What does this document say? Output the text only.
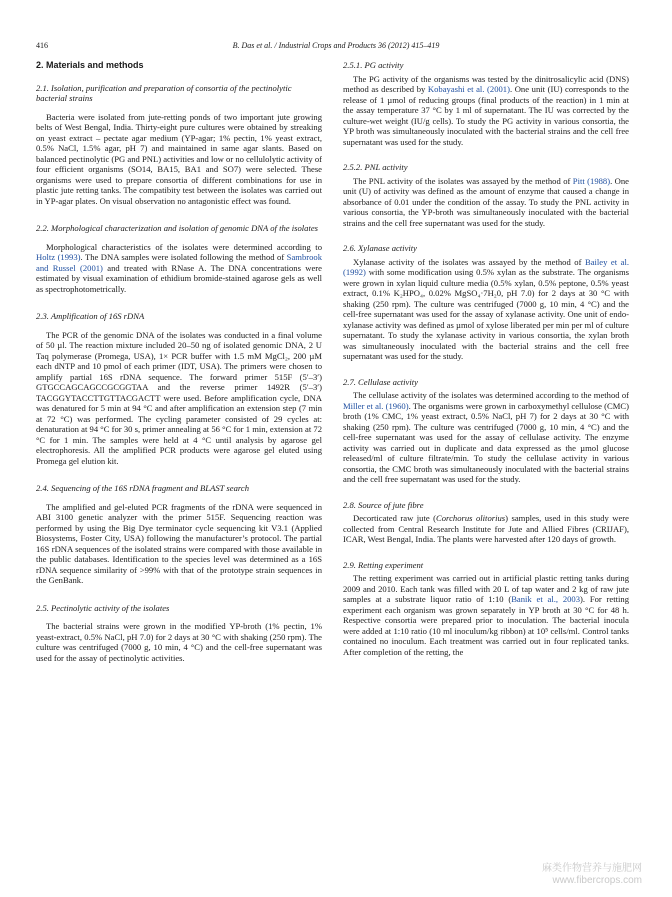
416	B. Das et al. / Industrial Crops and Products 36 (2012) 415–419
2. Materials and methods
2.1. Isolation, purification and preparation of consortia of the pectinolytic bacterial strains

Bacteria were isolated from jute-retting ponds of two important jute growing belts of West Bengal, India. Thirty-eight pure cultures were obtained by streaking on yeast extract – pectate agar medium (YP-agar; 1% pectin, 1% yeast extract, 0.5% NaCl, 1.5% agar, pH 7) and maintained in same agar slants. Based on balanced pectinolytic (PG and PNL) activities and low or no cellulolytic activity of four efficient organisms (SO14, BA15, BA1 and SO7) were selected. These organisms were used to prepare consortia of different combinations for use in plastic jute retting tanks. The compatibity test between the isolates was carried out in YP-agar plates. On visual observation no antagonistic effect was found.

2.2. Morphological characterization and isolation of genomic DNA of the isolates

Morphological characteristics of the isolates were determined according to Holtz (1993). The DNA samples were isolated following the method of Sambrook and Russel (2001) and treated with RNase A. The DNA concentrations were estimated by visual examination of ethidium bromide-stained agarose gels as well as spectrophotometrically.

2.3. Amplification of 16S rDNA

The PCR of the genomic DNA of the isolates was conducted in a final volume of 50 µl. The reaction mixture included 20–50 ng of isolated genomic DNA, 2 U Taq polymerase (Promega, USA), 1× PCR buffer with 1.5 mM MgCl₂, 200 µM each dNTP and 10 pmol of each primer (IDT, USA). The primers were chosen to amplify partial 16S rDNA sequence. The forward primer 515F (5′–3′) GTGCCAGCAGCCGCGGTAA and the reverse primer 1492R (5′–3′) TACGGYTACCTTGTTACGACTT were used. Before amplification cycle, DNA was denatured for 5 min at 94 °C and after amplification an extension step (7 min at 72 °C) was performed. The cycling parameter consisted of 29 cycles at: denaturation at 94 °C for 30 s, primer annealing at 56 °C for 1 min, extension at 72 °C for 1 min. The samples were held at 4 °C until analysis by agarose gel electrophoresis. All the amplified PCR products were agarose gel eluted using Promega gel elution kit.

2.4. Sequencing of the 16S rDNA fragment and BLAST search

The amplified and gel-eluted PCR fragments of the rDNA were sequenced in ABI 3100 genetic analyzer with the primer 515F. Sequencing reaction was performed by using the Big Dye terminator cycle sequencing kit V3.1 (Applied Biosystems, Foster City, USA) following the manufacturer’s protocol. The partial 16S rDNA sequences of the isolated strains were compared with those available in the public databases. Identification to the species level was determined as a 16S rDNA sequence similarity of >99% with that of the prototype strain sequences in the GenBank.

2.5. Pectinolytic activity of the isolates

The bacterial strains were grown in the modified YP-broth (1% pectin, 1% yeast-extract, 0.5% NaCl, pH 7.0) for 2 days at 30 °C with shaking (250 rpm). The culture was centrifuged (7000 g, 10 min, 4 °C) and the cell-free supernatant was used for the assay of pectinolytic activities.

2.5.1. PG activity

The PG activity of the organisms was tested by the dinitrosalicylic acid (DNS) method as described by Kobayashi et al. (2001). One unit (IU) corresponds to the release of 1 µmol of reducing groups (final products of the reaction) in 1 min at the assay temperature 37 °C by 1 ml of supernatant. The IU was corrected by the culture-wet weight (IU/g cells). To study the PG activity in various consortia, the YP broth was simultaneously inoculated with the bacterial strains and the cell free supernatant was used for the study.

2.5.2. PNL activity

The PNL activity of the isolates was assayed by the method of Pitt (1988). One unit (U) of activity was defined as the amount of enzyme that caused a change in absorbance of 0.01 under the condition of the assay. To study the PNL activity in various consortia, the YP-broth was simultaneously inoculated with the bacterial strains and the cell free supernatant was used for the study.

2.6. Xylanase activity

Xylanase activity of the isolates was assayed by the method of Bailey et al. (1992) with some modification using 0.5% xylan as the substrate. The organisms were grown in xylan liquid culture media (0.5% xylan, 0.5% peptone, 0.5% yeast extract, 0.1% K₂HPO₄, 0.02% MgSO₄·7H₂0, pH 7.0) for 2 days at 30 °C with shaking (250 rpm). The culture was centrifuged (7000 g, 10 min, 4 °C) and the cell-free supernatant was used for the assay of xylanase activity. One unit of endo-xylanase activity was defined as µmol of xylose liberated per min per ml of culture supernatant. To study the xylanase activity in various consortia, the xylan broth was simultaneously inoculated with the bacterial strains and the cell free supernatant was used for the study.

2.7. Cellulase activity

The cellulase activity of the isolates was determined according to the method of Miller et al. (1960). The organisms were grown in carboxymethyl cellulose (CMC) broth (1% CMC, 1% yeast extract, 0.5% NaCl, pH 7) for 2 days at 30 °C with shaking (250 rpm). The culture was centrifuged (7000 g, 10 min, 4 °C) and the cell-free supernatant was used for the assay of cellulase activity. The enzyme activity was carried out in duplicate and data expressed as the µmol glucose released/ml of culture filtrate/min. To study the cellulase activity in various consortia, the CMC broth was simultaneously inoculated with the bacterial strains and the cell free supernatant was used for the study.

2.8. Source of jute fibre

Decorticated raw jute (Corchorus olitorius) samples, used in this study were collected from Central Research Institute for Jute and Allied Fibres (CRIJAF), ICAR, West Bengal, India. The plants were harvested after 120 days of growth.

2.9. Retting experiment

The retting experiment was carried out in artificial plastic retting tanks during 2009 and 2010. Each tank was filled with 20 L of tap water and 2 kg of raw jute samples at a substrate liquor ratio of 1:10 (Banik et al., 2003). For retting experiment each organism was grown separately in YP broth at 30 °C for 48 h. Respective consortia were prepared prior to inoculation. The bacterial inocula were added at 1:10 ratio (10 ml inoculum/kg ribbon) at 10⁵ cells/ml. Control tanks contained no inoculum. Each treatment was carried out in four replicated tanks. After completion of the retting, the

麻类作物营养与施肥网
www.fibercrops.com
